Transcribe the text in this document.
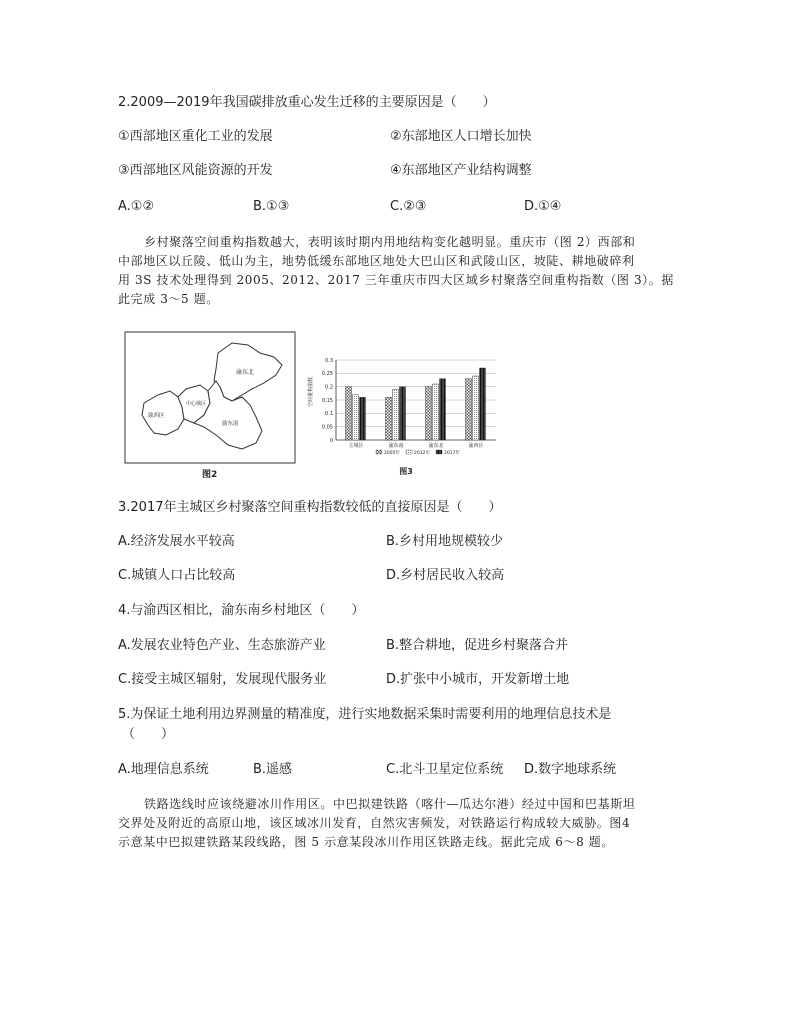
2.2009—2019年我国碳排放重心发生迁移的主要原因是（　　）
①西部地区重化工业的发展	②东部地区人口增长加快
③西部地区风能资源的开发	④东部地区产业结构调整
A.①②	B.①③	C.②③	D.①④
乡村聚落空间重构指数越大，表明该时期内用地结构变化越明显。重庆市（图 2）西部和
中部地区以丘陵、低山为主，地势低缓东部地区地处大巴山区和武陵山区，坡陡、耕地破碎利
用 3S 技术处理得到 2005、2012、2017 三年重庆市四大区域乡村聚落空间重构指数（图 3）。据
此完成 3～5 题。
渝东北
中心城区
渝西区
渝东南
图2
空间重构指数
0
0.05
0.1
0.15
0.2
0.25
0.3
主城区	渝东南	渝东北	渝西区
2005年	2012年	2017年
图3
3.2017年主城区乡村聚落空间重构指数较低的直接原因是（　　）
A.经济发展水平较高	B.乡村用地规模较少
C.城镇人口占比较高	D.乡村居民收入较高
4.与渝西区相比，渝东南乡村地区（　　）
A.发展农业特色产业、生态旅游产业	B.整合耕地，促进乡村聚落合并
C.接受主城区辐射，发展现代服务业	D.扩张中小城市，开发新增土地
5.为保证土地利用边界测量的精准度，进行实地数据采集时需要利用的地理信息技术是
（　　）
A.地理信息系统	B.遥感	C.北斗卫星定位系统 D.数字地球系统
铁路选线时应该绕避冰川作用区。中巴拟建铁路（喀什—瓜达尔港）经过中国和巴基斯坦
交界处及附近的高原山地，该区域冰川发育，自然灾害频发，对铁路运行构成较大威胁。图4
示意某中巴拟建铁路某段线路，图 5 示意某段冰川作用区铁路走线。据此完成 6～8 题。
